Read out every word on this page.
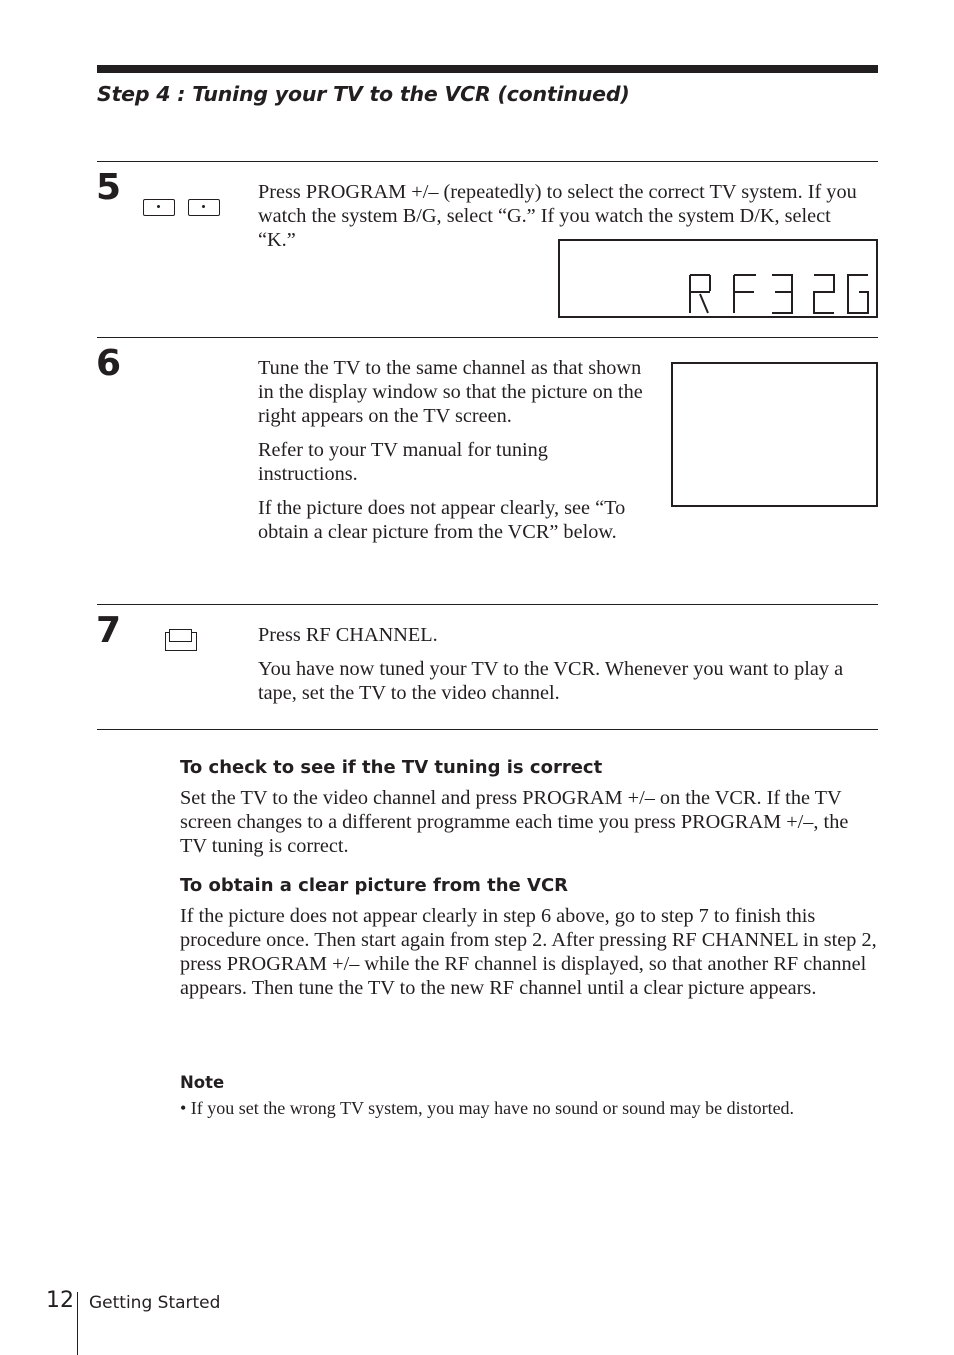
Step 4 : Tuning your TV to the VCR (continued)
5	Press PROGRAM +/– (repeatedly) to select the correct TV system. If you watch the system B/G, select “G.” If you watch the system D/K, select “K.”

6	Tune the TV to the same channel as that shown in the display window so that the picture on the right appears on the TV screen.

Refer to your TV manual for tuning instructions.

If the picture does not appear clearly, see “To obtain a clear picture from the VCR” below.

7	Press RF CHANNEL.

You have now tuned your TV to the VCR. Whenever you want to play a tape, set the TV to the video channel.

To check to see if the TV tuning is correct

Set the TV to the video channel and press PROGRAM +/– on the VCR. If the TV screen changes to a different programme each time you press PROGRAM +/–, the TV tuning is correct.

To obtain a clear picture from the VCR

If the picture does not appear clearly in step 6 above, go to step 7 to finish this procedure once. Then start again from step 2. After pressing RF CHANNEL in step 2, press PROGRAM +/– while the RF channel is displayed, so that another RF channel appears. Then tune the TV to the new RF channel until a clear picture appears.

Note
• If you set the wrong TV system, you may have no sound or sound may be distorted.
12 Getting Started
